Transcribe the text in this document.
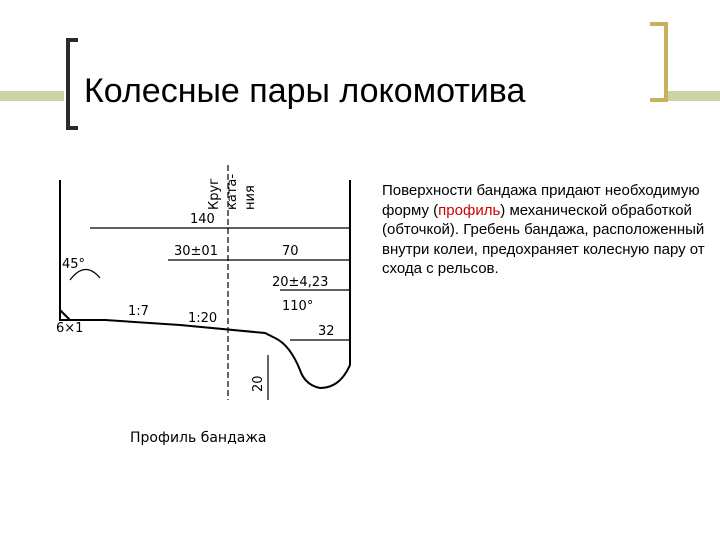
Колесные пары локомотива
Круг ката- ния
140
30±01	70
20±4,23
110°
32
20
1:7	1:20
6×1
45°
Профиль бандажа
Поверхности бандажа придают необходимую форму (профиль) механической обработкой (обточкой). Гребень бандажа, расположенный внутри колеи, предохраняет колесную пару от схода с рельсов.
